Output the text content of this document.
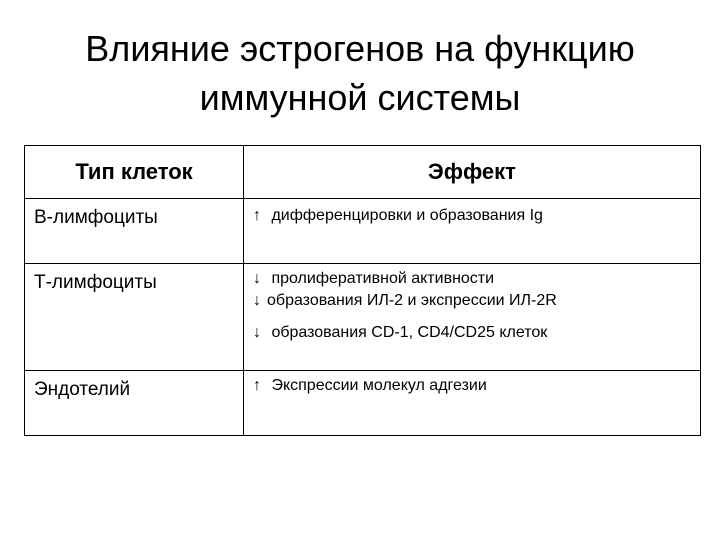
Влияние эстрогенов на функцию
иммунной системы
Тип клеток	Эффект
B-лимфоциты	↑ дифференцировки и образования Ig

Т-лимфоциты	↓ пролиферативной активности
↓ образования ИЛ-2 и экспрессии ИЛ-2R
↓ образования CD-1, CD4/CD25 клеток

Эндотелий	↑ Экспрессии молекул адгезии
